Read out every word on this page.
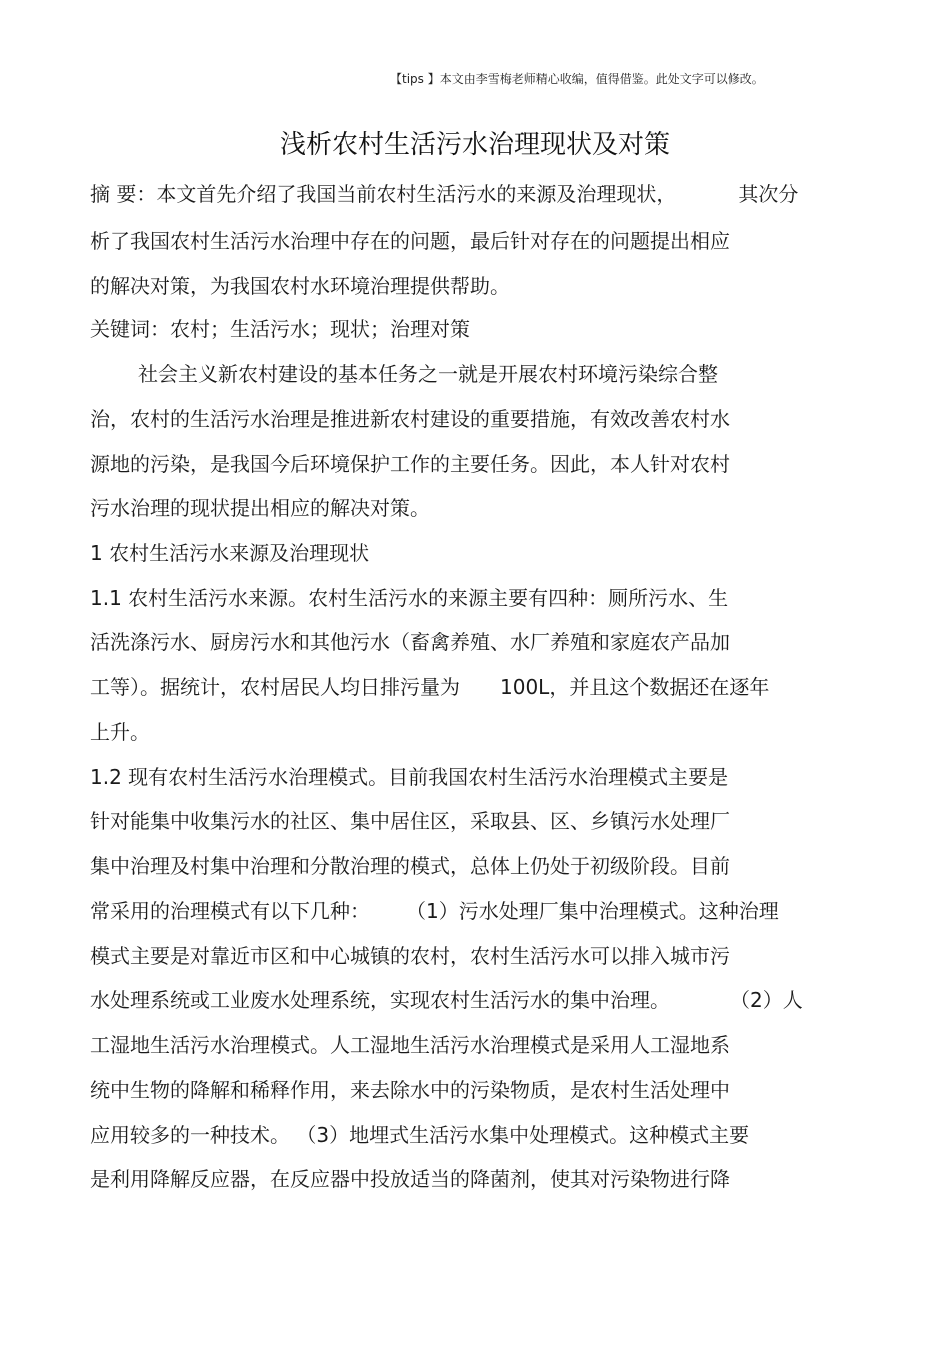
【tips 】本文由李雪梅老师精心收编，值得借鉴。此处文字可以修改。
浅析农村生活污水治理现状及对策
摘 要：本文首先介绍了我国当前农村生活污水的来源及治理现状，	其次分
析了我国农村生活污水治理中存在的问题，最后针对存在的问题提出相应
的解决对策，为我国农村水环境治理提供帮助。
关键词：农村；生活污水；现状；治理对策
社会主义新农村建设的基本任务之一就是开展农村环境污染综合整
治，农村的生活污水治理是推进新农村建设的重要措施，有效改善农村水
源地的污染，是我国今后环境保护工作的主要任务。因此，本人针对农村
污水治理的现状提出相应的解决对策。
1 农村生活污水来源及治理现状
1.1 农村生活污水来源。农村生活污水的来源主要有四种：厕所污水、生
活洗涤污水、厨房污水和其他污水（畜禽养殖、水厂养殖和家庭农产品加
工等）。据统计，农村居民人均日排污量为 100L，并且这个数据还在逐年
上升。
1.2 现有农村生活污水治理模式。目前我国农村生活污水治理模式主要是
针对能集中收集污水的社区、集中居住区，采取县、区、乡镇污水处理厂
集中治理及村集中治理和分散治理的模式，总体上仍处于初级阶段。目前
常采用的治理模式有以下几种： （1）污水处理厂集中治理模式。这种治理
模式主要是对靠近市区和中心城镇的农村，农村生活污水可以排入城市污
水处理系统或工业废水处理系统，实现农村生活污水的集中治理。	（2）人
工湿地生活污水治理模式。人工湿地生活污水治理模式是采用人工湿地系
统中生物的降解和稀释作用，来去除水中的污染物质，是农村生活处理中
应用较多的一种技术。 （3）地埋式生活污水集中处理模式。这种模式主要
是利用降解反应器，在反应器中投放适当的降菌剂，使其对污染物进行降
